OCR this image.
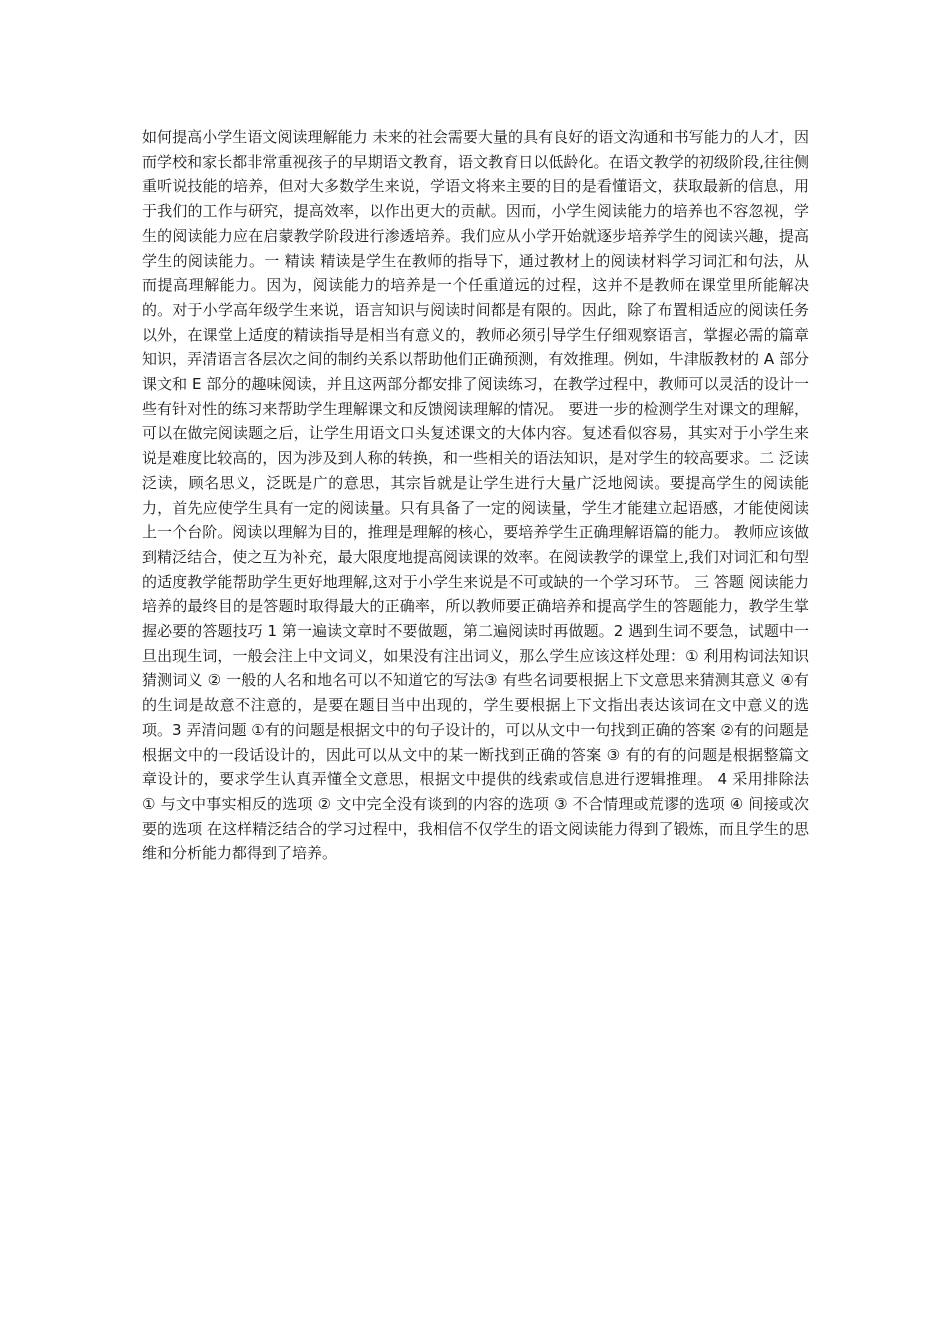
如何提高小学生语文阅读理解能力 未来的社会需要大量的具有良好的语文沟通和书写能力的人才，因而学校和家长都非常重视孩子的早期语文教育，语文教育日以低龄化。在语文教学的初级阶段,往往侧重听说技能的培养，但对大多数学生来说，学语文将来主要的目的是看懂语文，获取最新的信息，用于我们的工作与研究，提高效率，以作出更大的贡献。因而，小学生阅读能力的培养也不容忽视，学生的阅读能力应在启蒙教学阶段进行渗透培养。我们应从小学开始就逐步培养学生的阅读兴趣，提高学生的阅读能力。一 精读 精读是学生在教师的指导下，通过教材上的阅读材料学习词汇和句法，从而提高理解能力。因为，阅读能力的培养是一个任重道远的过程，这并不是教师在课堂里所能解决的。对于小学高年级学生来说，语言知识与阅读时间都是有限的。因此，除了布置相适应的阅读任务以外，在课堂上适度的精读指导是相当有意义的，教师必须引导学生仔细观察语言，掌握必需的篇章知识，弄清语言各层次之间的制约关系以帮助他们正确预测，有效推理。例如，牛津版教材的 A 部分课文和 E 部分的趣味阅读，并且这两部分都安排了阅读练习，在教学过程中，教师可以灵活的设计一些有针对性的练习来帮助学生理解课文和反馈阅读理解的情况。 要进一步的检测学生对课文的理解，可以在做完阅读题之后，让学生用语文口头复述课文的大体内容。复述看似容易，其实对于小学生来说是难度比较高的，因为涉及到人称的转换，和一些相关的语法知识，是对学生的较高要求。二 泛读 泛读，顾名思义，泛既是广的意思，其宗旨就是让学生进行大量广泛地阅读。要提高学生的阅读能力，首先应使学生具有一定的阅读量。只有具备了一定的阅读量，学生才能建立起语感，才能使阅读上一个台阶。阅读以理解为目的，推理是理解的核心，要培养学生正确理解语篇的能力。 教师应该做到精泛结合，使之互为补充，最大限度地提高阅读课的效率。在阅读教学的课堂上,我们对词汇和句型的适度教学能帮助学生更好地理解,这对于小学生来说是不可或缺的一个学习环节。 三 答题 阅读能力培养的最终目的是答题时取得最大的正确率，所以教师要正确培养和提高学生的答题能力，教学生掌握必要的答题技巧 1 第一遍读文章时不要做题，第二遍阅读时再做题。2 遇到生词不要急，试题中一旦出现生词，一般会注上中文词义，如果没有注出词义，那么学生应该这样处理：① 利用构词法知识猜测词义 ② 一般的人名和地名可以不知道它的写法③ 有些名词要根据上下文意思来猜测其意义 ④有的生词是故意不注意的，是要在题目当中出现的，学生要根据上下文指出表达该词在文中意义的选项。3 弄清问题 ①有的问题是根据文中的句子设计的，可以从文中一句找到正确的答案 ②有的问题是根据文中的一段话设计的，因此可以从文中的某一断找到正确的答案 ③ 有的有的问题是根据整篇文章设计的，要求学生认真弄懂全文意思，根据文中提供的线索或信息进行逻辑推理。 4 采用排除法 ① 与文中事实相反的选项 ② 文中完全没有谈到的内容的选项 ③ 不合情理或荒谬的选项 ④ 间接或次要的选项 在这样精泛结合的学习过程中，我相信不仅学生的语文阅读能力得到了锻炼，而且学生的思维和分析能力都得到了培养。
